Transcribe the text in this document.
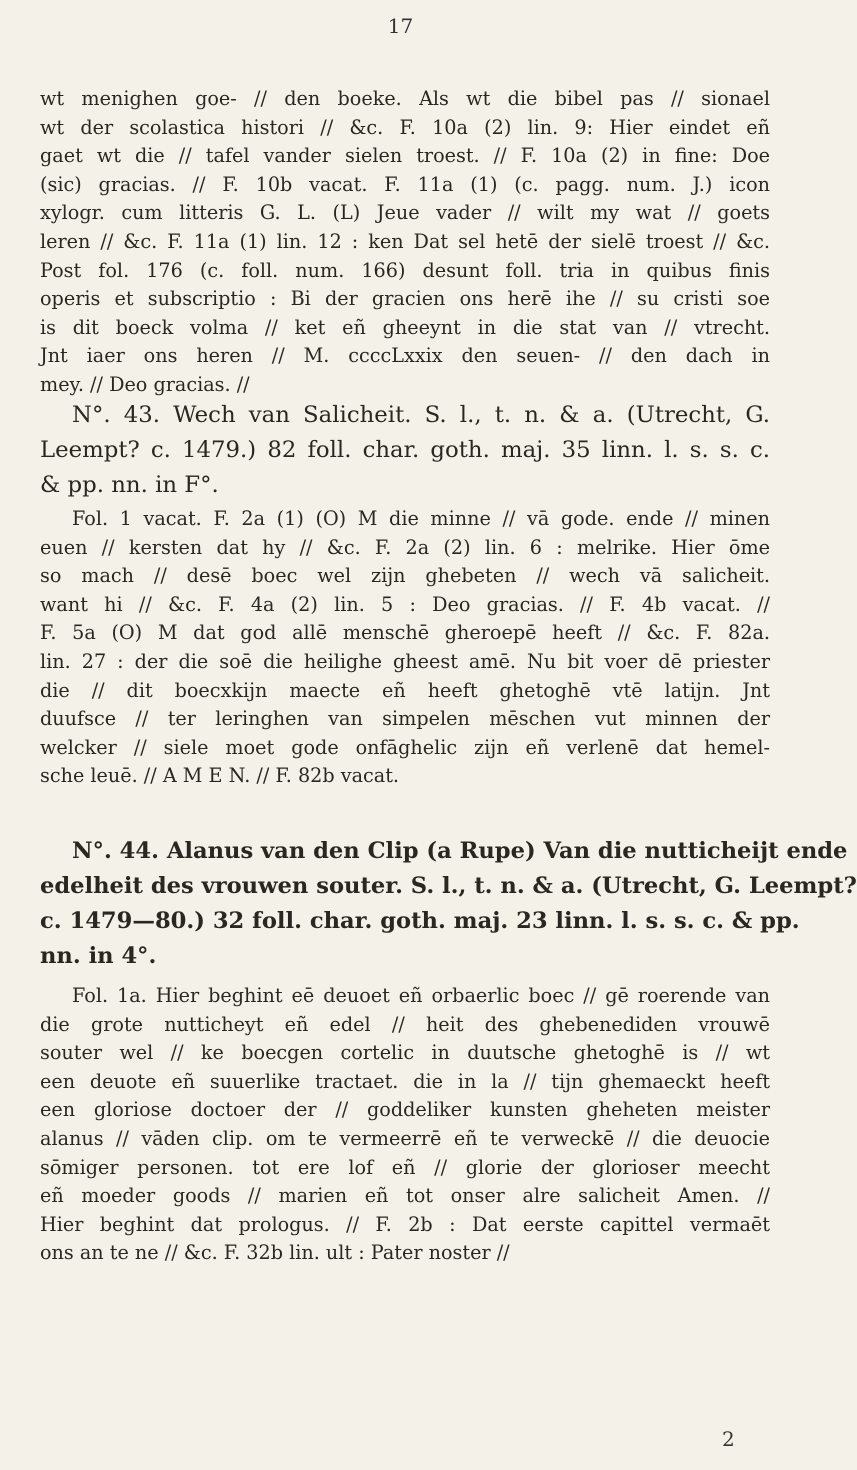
17
wt menighen goe- // den boeke. Als wt die bibel pas // sionael
wt der scolastica histori // &c. F. 10a (2) lin. 9: Hier eindet eñ
gaet wt die // tafel vander sielen troest. // F. 10a (2) in fine: Doe
(sic) gracias. // F. 10b vacat. F. 11a (1) (c. pagg. num. J.) icon
xylogr. cum litteris G. L. (L) Jeue vader // wilt my wat // goets
leren // &c. F. 11a (1) lin. 12 : ken Dat sel hetē der sielē troest // &c.
Post fol. 176 (c. foll. num. 166) desunt foll. tria in quibus finis
operis et subscriptio : Bi der gracien ons herē ihe // su cristi soe
is dit boeck volma // ket eñ gheeynt in die stat van // vtrecht.
Jnt iaer ons heren // M. ccccLxxix den seuen- // den dach in
mey. // Deo gracias. //
N°. 43. Wech van Salicheit. S. l., t. n. & a. (Utrecht, G.
Leempt? c. 1479.) 82 foll. char. goth. maj. 35 linn. l. s. s. c.
& pp. nn. in F°.
Fol. 1 vacat. F. 2a (1) (O) M die minne // vā gode. ende // minen
euen // kersten dat hy // &c. F. 2a (2) lin. 6 : melrike. Hier ōme
so mach // desē boec wel zijn ghebeten // wech vā salicheit.
want hi // &c. F. 4a (2) lin. 5 : Deo gracias. // F. 4b vacat. //
F. 5a (O) M dat god allē menschē gheroepē heeft // &c. F. 82a.
lin. 27 : der die soē die heilighe gheest amē. Nu bit voer dē priester
die // dit boecxkijn maecte eñ heeft ghetoghē vtē latijn. Jnt
duufsce // ter leringhen van simpelen mēschen vut minnen der
welcker // siele moet gode onfāghelic zijn eñ verlenē dat hemel-
sche leuē. // A M E N. // F. 82b vacat.
N°. 44. Alanus van den Clip (a Rupe) Van die nutticheijt ende
edelheit des vrouwen souter. S. l., t. n. & a. (Utrecht, G. Leempt?
c. 1479—80.) 32 foll. char. goth. maj. 23 linn. l. s. s. c. & pp.
nn. in 4°.
Fol. 1a. Hier beghint eē deuoet eñ orbaerlic boec // gē roerende van
die grote nutticheyt eñ edel // heit des ghebenediden vrouwē
souter wel // ke boecgen cortelic in duutsche ghetoghē is // wt
een deuote eñ suuerlike tractaet. die in la // tijn ghemaeckt heeft
een gloriose doctoer der // goddeliker kunsten gheheten meister
alanus // vāden clip. om te vermeerrē eñ te verweckē // die deuocie
sōmiger personen. tot ere lof eñ // glorie der glorioser meecht
eñ moeder goods // marien eñ tot onser alre salicheit Amen. //
Hier beghint dat prologus. // F. 2b : Dat eerste capittel vermaēt
ons an te ne // &c. F. 32b lin. ult : Pater noster //
2
